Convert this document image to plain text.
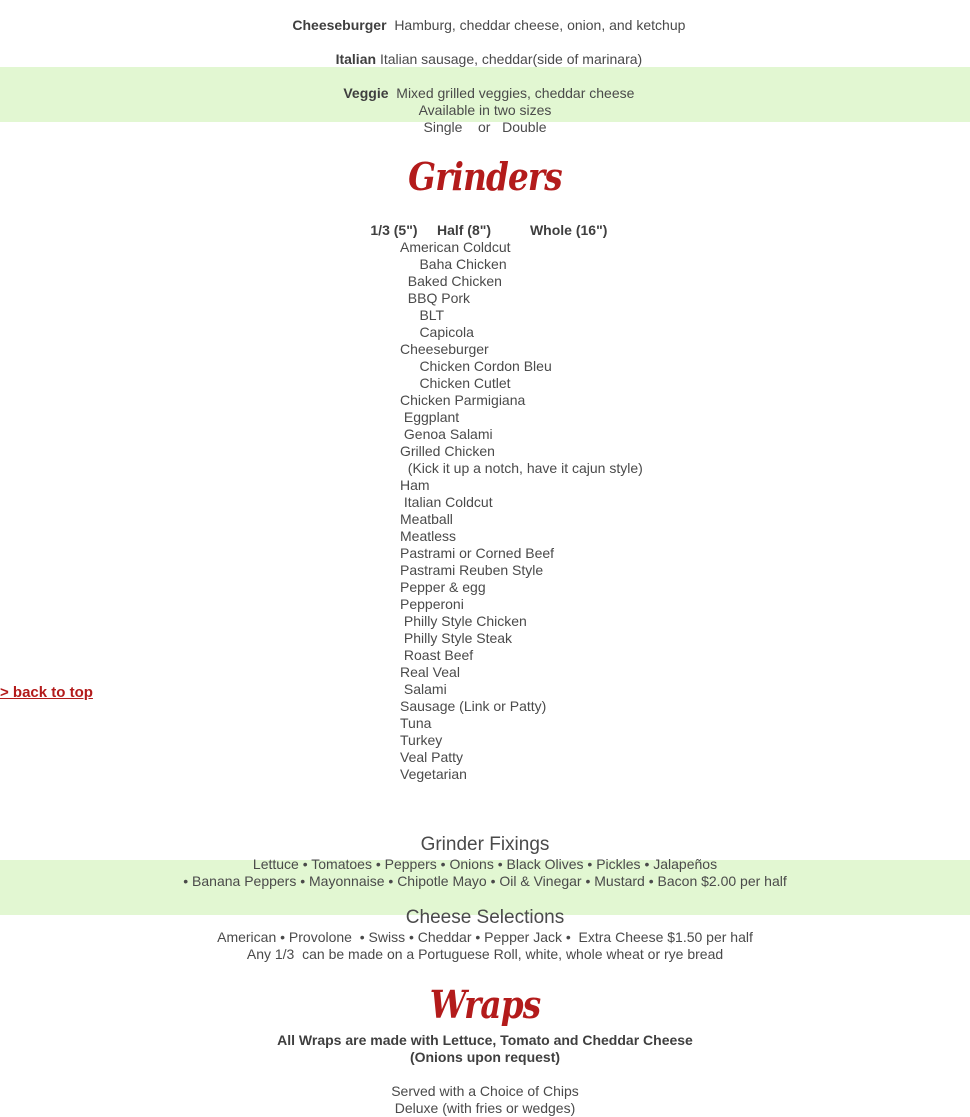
Cheeseburger Hamburg, cheddar cheese, onion, and ketchup

Italian Italian sausage, cheddar(side of marinara)

Veggie Mixed grilled veggies, cheddar cheese

Available in two sizes
Single    or   Double
Grinders

1/3 (5") Half (8")	Whole (16")

American Coldcut
Baha Chicken
Baked Chicken
BBQ Pork
BLT
Capicola
Cheeseburger
Chicken Cordon Bleu
Chicken Cutlet
Chicken Parmigiana
Eggplant
Genoa Salami
Grilled Chicken
(Kick it up a notch, have it cajun style)
Ham
Italian Coldcut
Meatball
Meatless
Pastrami or Corned Beef
Pastrami Reuben Style
Pepper & egg
Pepperoni
Philly Style Chicken
Philly Style Steak
Roast Beef
Real Veal
Salami
Sausage (Link or Patty)
Tuna
Turkey
Veal Patty
Vegetarian
> back to top
Grinder Fixings
Lettuce • Tomatoes • Peppers • Onions • Black Olives • Pickles • Jalapeños
• Banana Peppers • Mayonnaise • Chipotle Mayo • Oil & Vinegar • Mustard • Bacon $2.00 per half
Cheese Selections
American • Provolone  • Swiss • Cheddar • Pepper Jack •  Extra Cheese $1.50 per half
Any 1/3  can be made on a Portuguese Roll, white, whole wheat or rye bread
Wraps
All Wraps are made with Lettuce, Tomato and Cheddar Cheese
(Onions upon request)
Served with a Choice of Chips
Deluxe (with fries or wedges)
